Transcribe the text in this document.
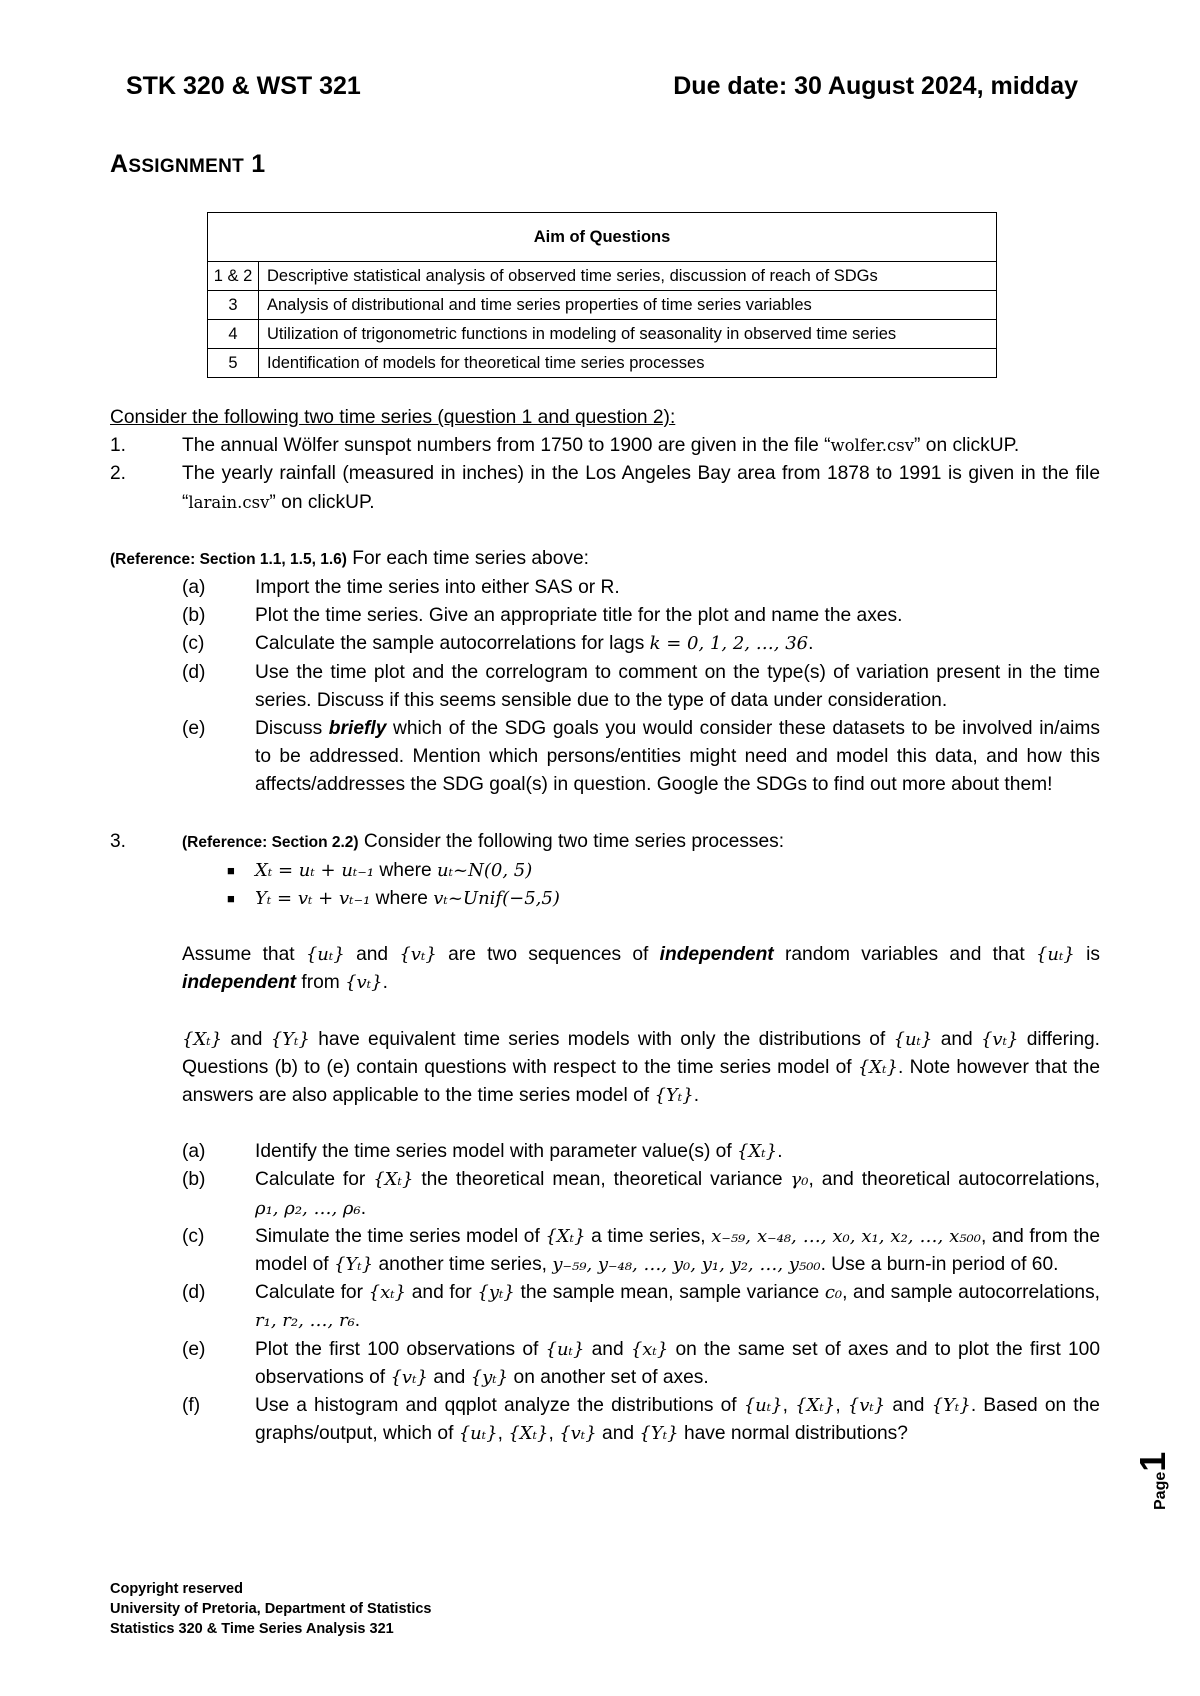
STK 320 & WST 321	Due date: 30 August 2024, midday
ASSIGNMENT 1
Aim of Questions	
1 & 2	Descriptive statistical analysis of observed time series, discussion of reach of SDGs
3	Analysis of distributional and time series properties of time series variables
4	Utilization of trigonometric functions in modeling of seasonality in observed time series
5	Identification of models for theoretical time series processes
Consider the following two time series (question 1 and question 2):
1.	The annual Wölfer sunspot numbers from 1750 to 1900 are given in the file “wolfer.csv” on clickUP.
2.	The yearly rainfall (measured in inches) in the Los Angeles Bay area from 1878 to 1991 is given in the file “larain.csv” on clickUP.
(Reference: Section 1.1, 1.5, 1.6) For each time series above:
(a)	Import the time series into either SAS or R.
(b)	Plot the time series. Give an appropriate title for the plot and name the axes.
(c)	Calculate the sample autocorrelations for lags k = 0, 1, 2, …, 36.
(d)	Use the time plot and the correlogram to comment on the type(s) of variation present in the time series. Discuss if this seems sensible due to the type of data under consideration.
(e)	Discuss briefly which of the SDG goals you would consider these datasets to be involved in/aims to be addressed. Mention which persons/entities might need and model this data, and how this affects/addresses the SDG goal(s) in question. Google the SDGs to find out more about them!
3.	(Reference: Section 2.2) Consider the following two time series processes:
■ Xₜ = uₜ + uₜ₋₁ where uₜ~N(0, 5)
■ Yₜ = vₜ + vₜ₋₁ where vₜ~Unif(−5,5)
Assume that {uₜ} and {vₜ} are two sequences of independent random variables and that {uₜ} is independent from {vₜ}.
{Xₜ} and {Yₜ} have equivalent time series models with only the distributions of {uₜ} and {vₜ} differing. Questions (b) to (e) contain questions with respect to the time series model of {Xₜ}. Note however that the answers are also applicable to the time series model of {Yₜ}.
(a)	Identify the time series model with parameter value(s) of {Xₜ}.
(b)	Calculate for {Xₜ} the theoretical mean, theoretical variance γ₀, and theoretical autocorrelations, ρ₁, ρ₂, …, ρ₆.
(c)	Simulate the time series model of {Xₜ} a time series, x₋₅₉, x₋₄₈, …, x₀, x₁, x₂, …, x₅₀₀, and from the model of {Yₜ} another time series, y₋₅₉, y₋₄₈, …, y₀, y₁, y₂, …, y₅₀₀. Use a burn-in period of 60.
(d)	Calculate for {xₜ} and for {yₜ} the sample mean, sample variance c₀, and sample autocorrelations, r₁, r₂, …, r₆.
(e)	Plot the first 100 observations of {uₜ} and {xₜ} on the same set of axes and to plot the first 100 observations of {vₜ} and {yₜ} on another set of axes.
(f)	Use a histogram and qqplot analyze the distributions of {uₜ}, {Xₜ}, {vₜ} and {Yₜ}. Based on the graphs/output, which of {uₜ}, {Xₜ}, {vₜ} and {Yₜ} have normal distributions?
Copyright reserved
University of Pretoria, Department of Statistics
Statistics 320 & Time Series Analysis 321
Page1
